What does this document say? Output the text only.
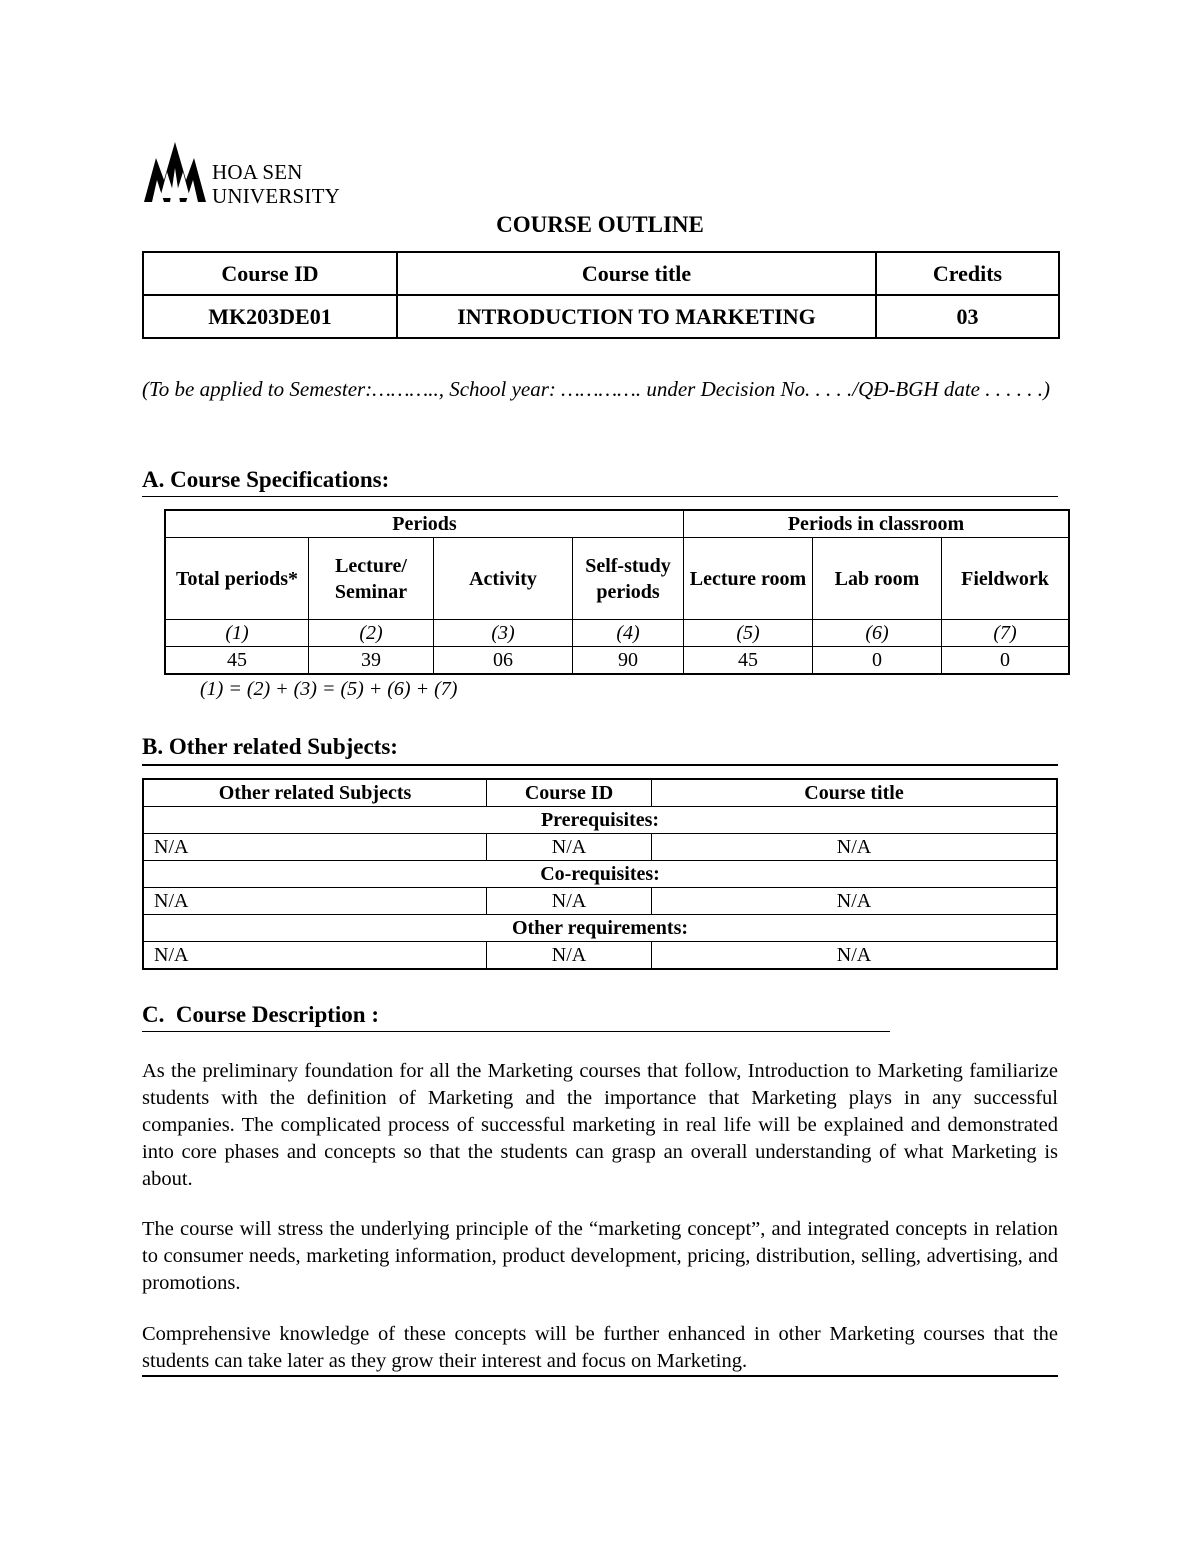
HOA SEN
UNIVERSITY
COURSE OUTLINE
Course ID	Course title	Credits
MK203DE01	INTRODUCTION TO MARKETING	03
(To be applied to Semester:……….., School year: …………. under Decision No. . . . ./QĐ-BGH date . . . . . .)
A. Course Specifications:
Periods				Periods in classroom		
Total periods*	Lecture/ Seminar	Activity	Self-study periods	Lecture room	Lab room	Fieldwork
(1)	(2)	(3)	(4)	(5)	(6)	(7)
45	39	06	90	45	0	0
(1) = (2) + (3) = (5) + (6) + (7)
B. Other related Subjects:
Other related Subjects	Course ID	Course title
Prerequisites:		
N/A	N/A	N/A
Co-requisites:		
N/A	N/A	N/A
Other requirements:		
N/A	N/A	N/A
C.  Course Description :
As the preliminary foundation for all the Marketing courses that follow, Introduction to Marketing familiarize students with the definition of Marketing and the importance that Marketing plays in any successful companies. The complicated process of successful marketing in real life will be explained and demonstrated into core phases and concepts so that the students can grasp an overall understanding of what Marketing is about.
The course will stress the underlying principle of the “marketing concept”, and integrated concepts in relation to consumer needs, marketing information, product development, pricing, distribution, selling, advertising, and promotions.
Comprehensive knowledge of these concepts will be further enhanced in other Marketing courses that the students can take later as they grow their interest and focus on Marketing.
